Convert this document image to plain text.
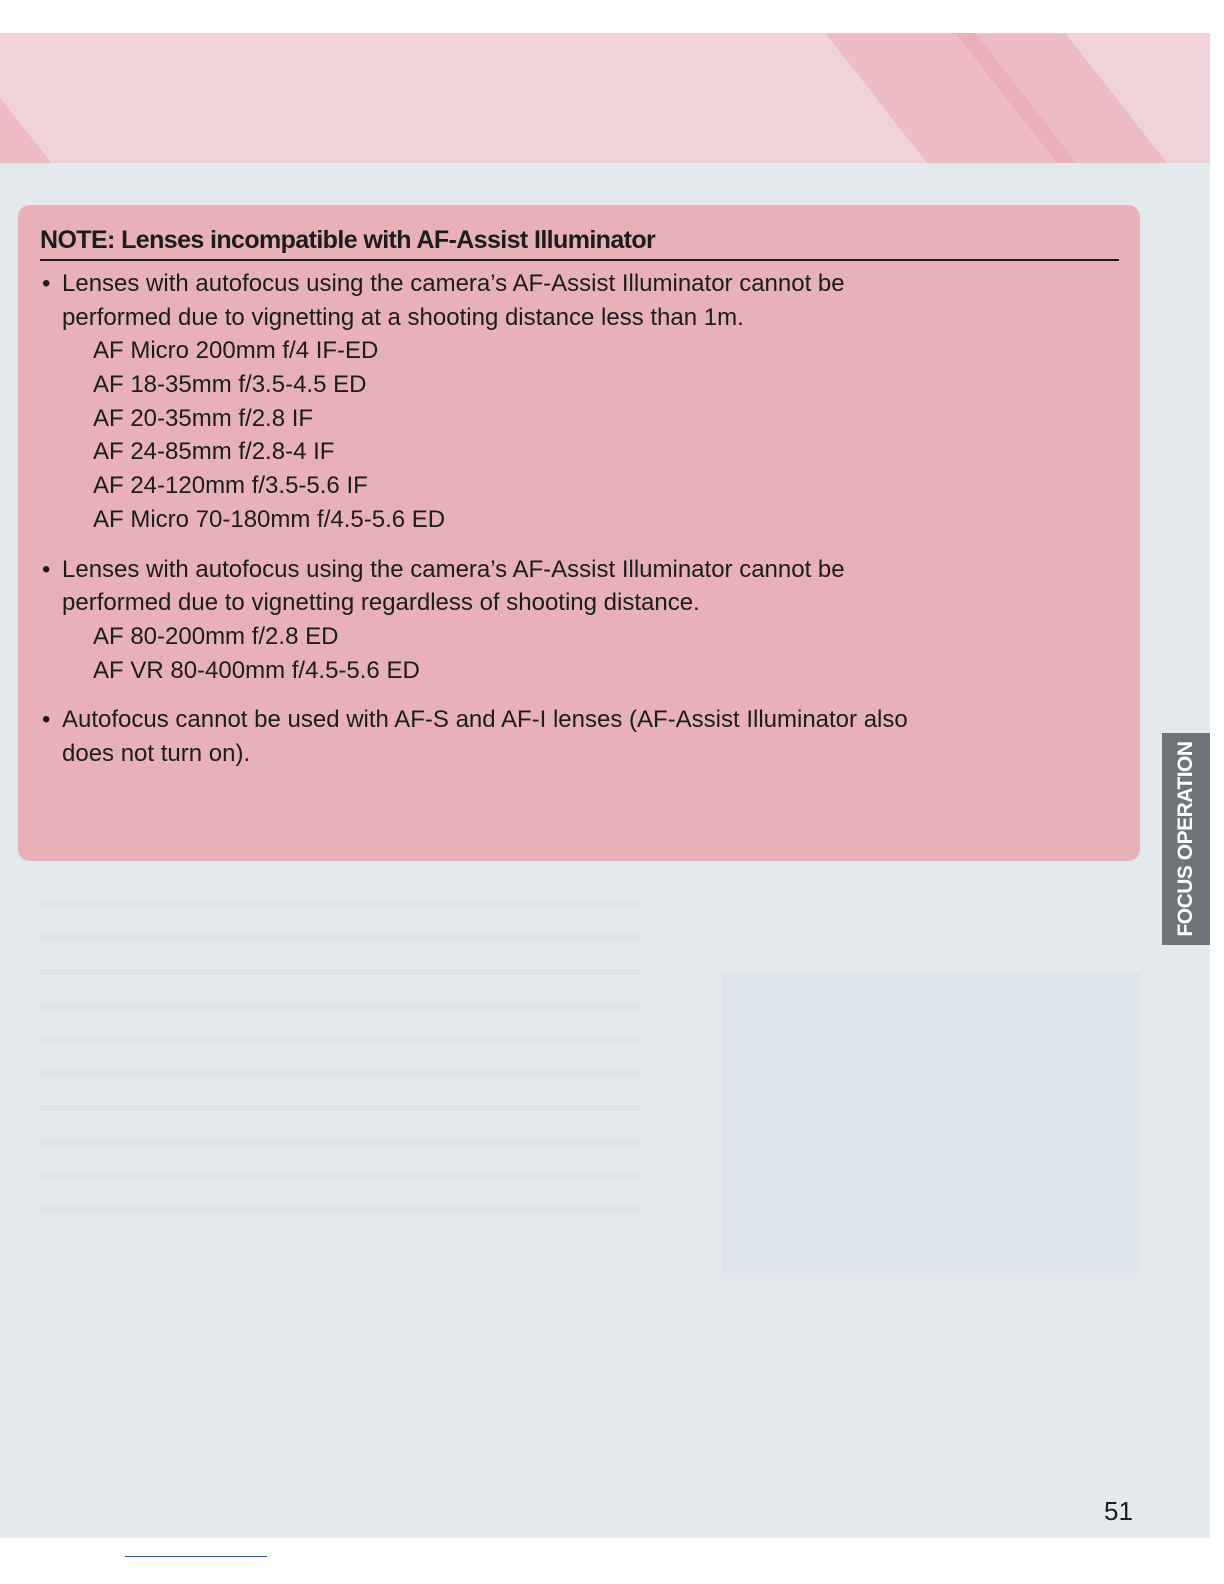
NOTE: Lenses incompatible with AF-Assist Illuminator
• Lenses with autofocus using the camera’s AF-Assist Illuminator cannot be
performed due to vignetting at a shooting distance less than 1m.
AF Micro 200mm f/4 IF-ED
AF 18-35mm f/3.5-4.5 ED
AF 20-35mm f/2.8 IF
AF 24-85mm f/2.8-4 IF
AF 24-120mm f/3.5-5.6 IF
AF Micro 70-180mm f/4.5-5.6 ED
• Lenses with autofocus using the camera’s AF-Assist Illuminator cannot be
performed due to vignetting regardless of shooting distance.
AF 80-200mm f/2.8 ED
AF VR 80-400mm f/4.5-5.6 ED
• Autofocus cannot be used with AF-S and AF-I lenses (AF-Assist Illuminator also
does not turn on).	FOCUS OPERATION
51
